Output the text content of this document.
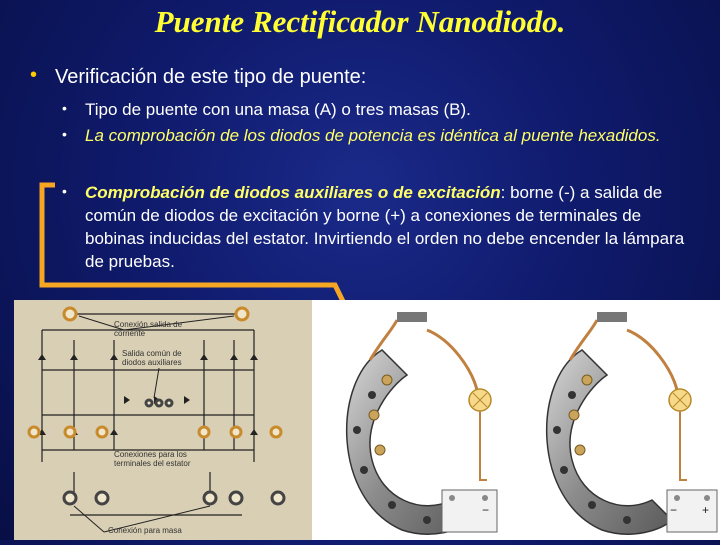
Puente Rectificador Nanodiodo.
• Verificación de este tipo de puente:
• Tipo de puente con una masa (A) o tres masas (B).
• La comprobación de los diodos de potencia es idéntica al puente hexadidos.
• Comprobación de diodos auxiliares o de excitación: borne (-) a salida de común de diodos de excitación y borne (+) a conexiones de terminales de bobinas inducidas del estator. Invirtiendo el orden no debe encender la lámpara de pruebas.
Conexión salida de corriente
Salida común de diodos auxiliares
Conexiones para los terminales del estator
Conexión para masa
−	− +
